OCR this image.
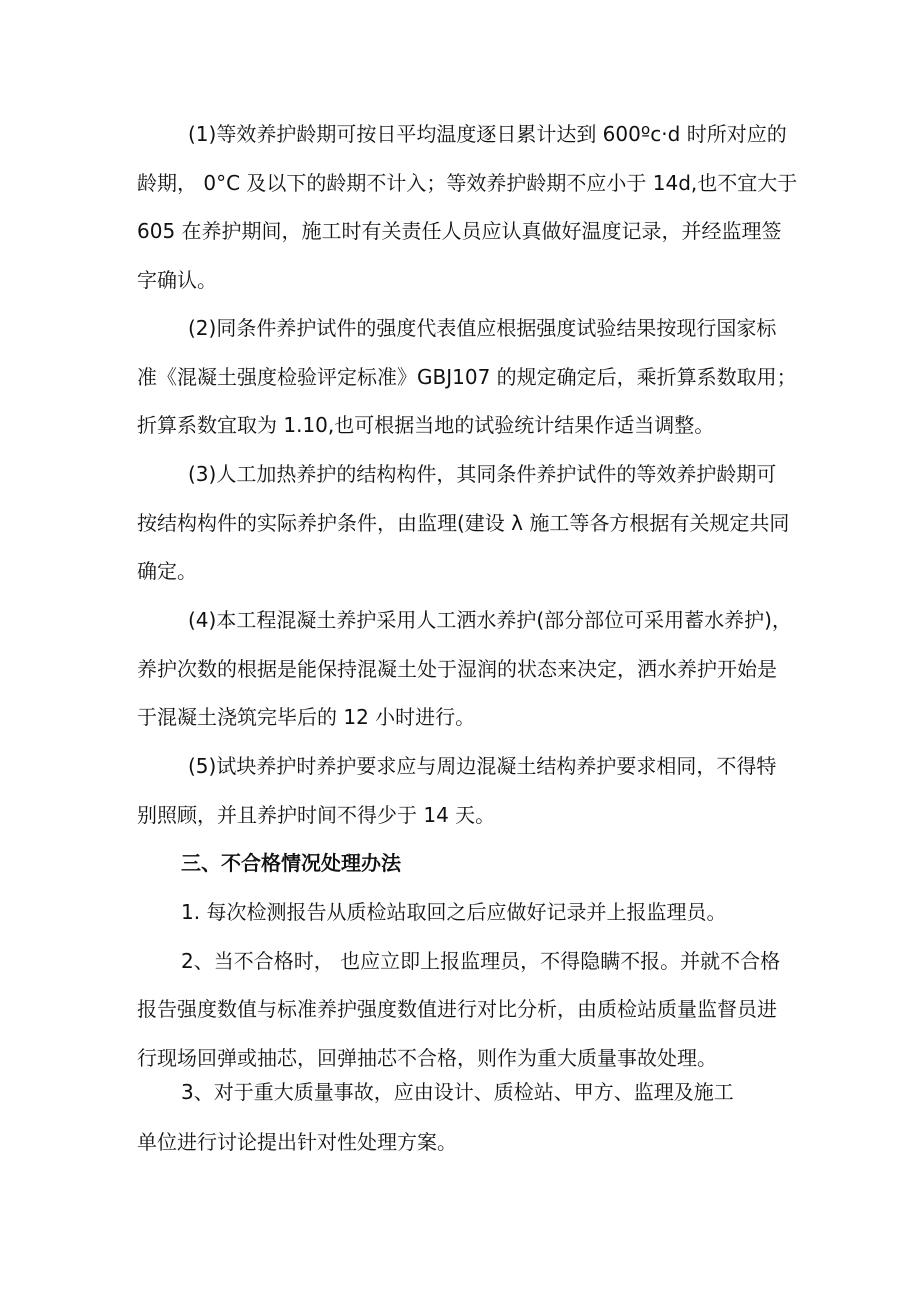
(1)等效养护龄期可按日平均温度逐日累计达到 600ºc·d 时所对应的
龄期， 0°C 及以下的龄期不计入；等效养护龄期不应小于 14d,也不宜大于
605 在养护期间，施工时有关责任人员应认真做好温度记录，并经监理签
字确认。
(2)同条件养护试件的强度代表值应根据强度试验结果按现行国家标
准《混凝土强度检验评定标准》GBJ107 的规定确定后，乘折算系数取用；
折算系数宜取为 1.10,也可根据当地的试验统计结果作适当调整。
(3)人工加热养护的结构构件，其同条件养护试件的等效养护龄期可
按结构构件的实际养护条件，由监理(建设 λ 施工等各方根据有关规定共同
确定。
(4)本工程混凝土养护采用人工洒水养护(部分部位可采用蓄水养护)，
养护次数的根据是能保持混凝土处于湿润的状态来决定，洒水养护开始是
于混凝土浇筑完毕后的 12 小时进行。
(5)试块养护时养护要求应与周边混凝土结构养护要求相同，不得特
别照顾，并且养护时间不得少于 14 天。
三、不合格情况处理办法
1. 每次检测报告从质检站取回之后应做好记录并上报监理员。
2、当不合格时， 也应立即上报监理员，不得隐瞒不报。并就不合格
报告强度数值与标准养护强度数值进行对比分析，由质检站质量监督员进
行现场回弹或抽芯，回弹抽芯不合格，则作为重大质量事故处理。
3、对于重大质量事故，应由设计、质检站、甲方、监理及施工
单位进行讨论提出针对性处理方案。
